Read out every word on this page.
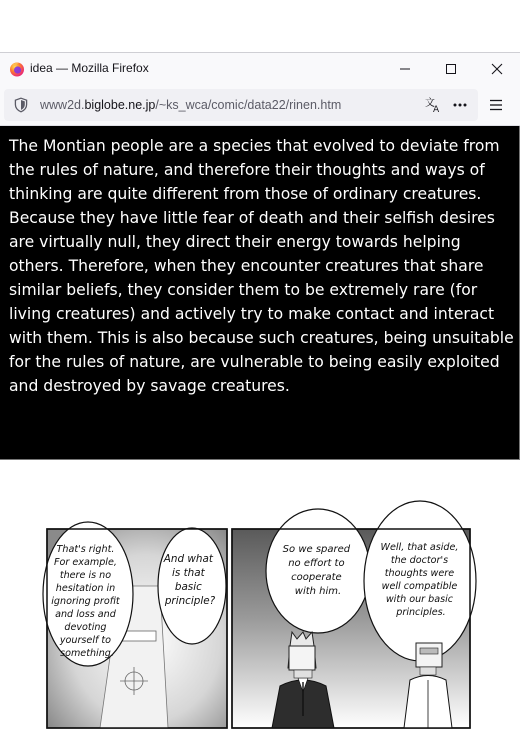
idea — Mozilla Firefox
www2d.biglobe.ne.jp/~ks_wca/comic/data22/rinen.htm	文
A

The Montian people are a species that evolved to deviate from the rules of nature, and therefore their thoughts and ways of thinking are quite different from those of ordinary creatures. Because they have little fear of death and their selfish desires are virtually null, they direct their energy towards helping others. Therefore, when they encounter creatures that share similar beliefs, they consider them to be extremely rare (for living creatures) and actively try to make contact and interact with them. This is also because such creatures, being unsuitable for the rules of nature, are vulnerable to being easily exploited and destroyed by savage creatures.

That's right. For example, there is no hesitation in ignoring profit and loss and devoting yourself to something.
And what is that basic principle?
So we spared no effort to cooperate with him.
Well, that aside, the doctor's thoughts were well compatible with our basic principles.
